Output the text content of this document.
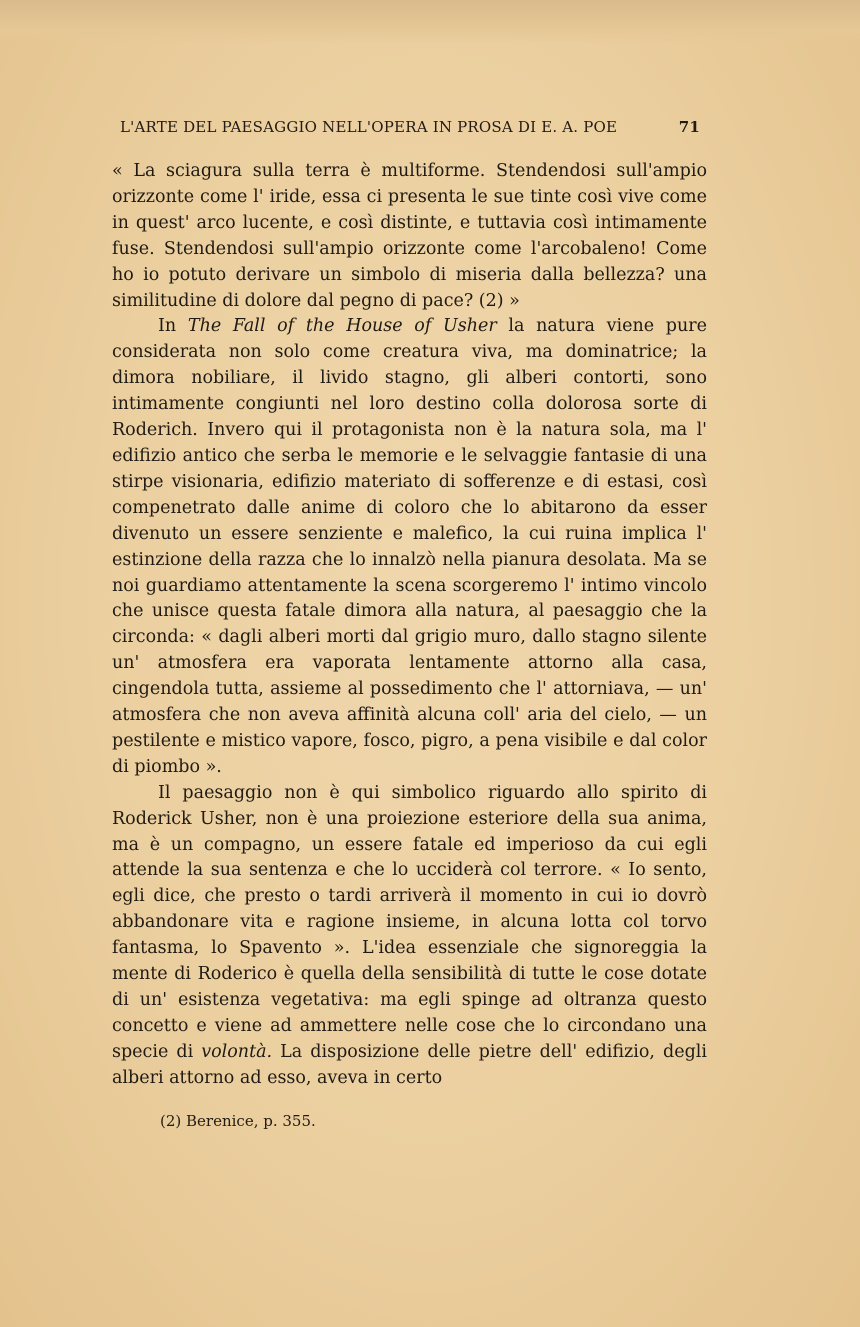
L'ARTE DEL PAESAGGIO NELL'OPERA IN PROSA DI E. A. POE	71

« La sciagura sulla terra è multiforme. Stendendosi sull'ampio orizzonte come l' iride, essa ci presenta le sue tinte così vive come in quest' arco lucente, e così distinte, e tuttavia così intimamente fuse. Stendendosi sull'ampio orizzonte come l'arcobaleno! Come ho io potuto derivare un simbolo di miseria dalla bellezza? una similitudine di dolore dal pegno di pace? (2) »

In The Fall of the House of Usher la natura viene pure considerata non solo come creatura viva, ma dominatrice; la dimora nobiliare, il livido stagno, gli alberi contorti, sono intimamente congiunti nel loro destino colla dolorosa sorte di Roderich. Invero qui il protagonista non è la natura sola, ma l' edifizio antico che serba le memorie e le selvaggie fantasie di una stirpe visionaria, edifizio materiato di sofferenze e di estasi, così compenetrato dalle anime di coloro che lo abitarono da esser divenuto un essere senziente e malefico, la cui ruina implica l' estinzione della razza che lo innalzò nella pianura desolata. Ma se noi guardiamo attentamente la scena scorgeremo l' intimo vincolo che unisce questa fatale dimora alla natura, al paesaggio che la circonda: « dagli alberi morti dal grigio muro, dallo stagno silente un' atmosfera era vaporata lentamente attorno alla casa, cingendola tutta, assieme al possedimento che l' attorniava, — un' atmosfera che non aveva affinità alcuna coll' aria del cielo, — un pestilente e mistico vapore, fosco, pigro, a pena visibile e dal color di piombo ».

Il paesaggio non è qui simbolico riguardo allo spirito di Roderick Usher, non è una proiezione esteriore della sua anima, ma è un compagno, un essere fatale ed imperioso da cui egli attende la sua sentenza e che lo ucciderà col terrore. « Io sento, egli dice, che presto o tardi arriverà il momento in cui io dovrò abbandonare vita e ragione insieme, in alcuna lotta col torvo fantasma, lo Spavento ». L'idea essenziale che signoreggia la mente di Roderico è quella della sensibilità di tutte le cose dotate di un' esistenza vegetativa: ma egli spinge ad oltranza questo concetto e viene ad ammettere nelle cose che lo circondano una specie di volontà. La disposizione delle pietre dell' edifizio, degli alberi attorno ad esso, aveva in certo

(2) Berenice, p. 355.
